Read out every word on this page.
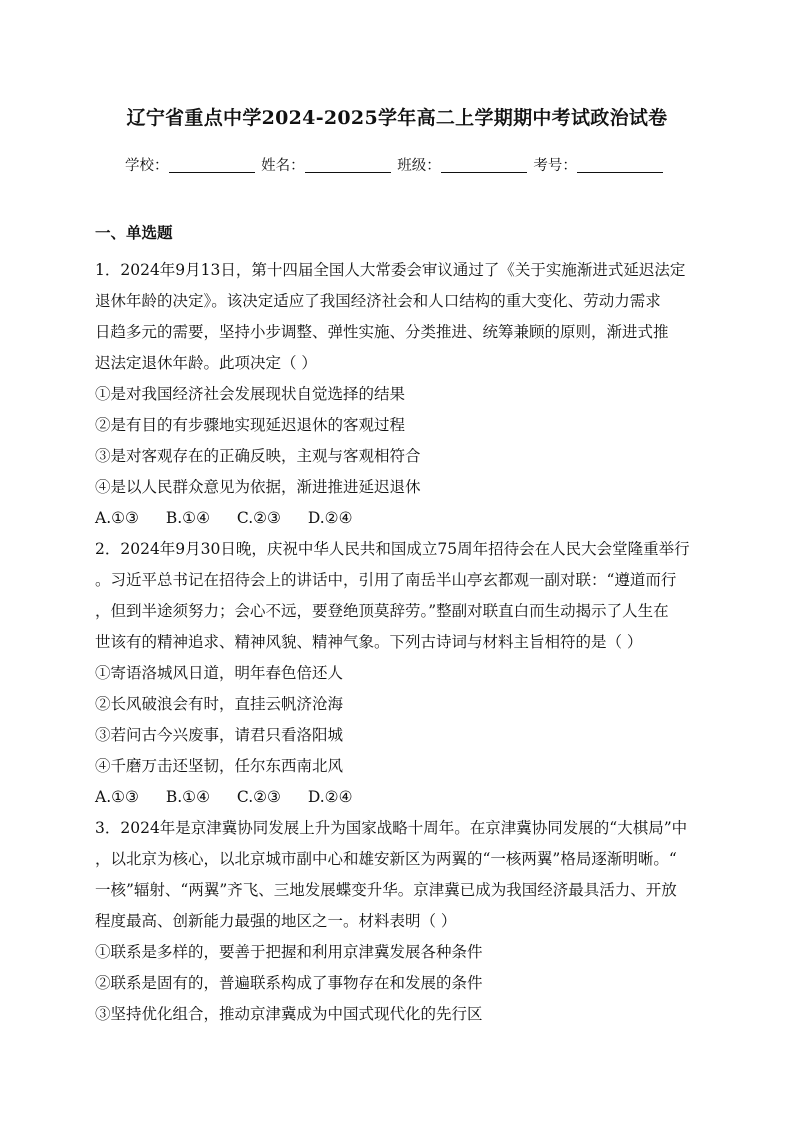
辽宁省重点中学2024-2025学年高二上学期期中考试政治试卷
学校：	姓名：	班级：	考号：
一、单选题
1．2024年9月13日，第十四届全国人大常委会审议通过了《关于实施渐进式延迟法定
退休年龄的决定》。该决定适应了我国经济社会和人口结构的重大变化、劳动力需求
日趋多元的需要，坚持小步调整、弹性实施、分类推进、统筹兼顾的原则，渐进式推
迟法定退休年龄。此项决定（ ）
①是对我国经济社会发展现状自觉选择的结果
②是有目的有步骤地实现延迟退休的客观过程
③是对客观存在的正确反映，主观与客观相符合
④是以人民群众意见为依据，渐进推进延迟退休
A.①③ B.①④ C.②③ D.②④
2．2024年9月30日晚，庆祝中华人民共和国成立75周年招待会在人民大会堂隆重举行
。习近平总书记在招待会上的讲话中，引用了南岳半山亭玄都观一副对联：“遵道而行
，但到半途须努力；会心不远，要登绝顶莫辞劳。”整副对联直白而生动揭示了人生在
世该有的精神追求、精神风貌、精神气象。下列古诗词与材料主旨相符的是（ ）
①寄语洛城风日道，明年春色倍还人
②长风破浪会有时，直挂云帆济沧海
③若问古今兴废事，请君只看洛阳城
④千磨万击还坚韧，任尔东西南北风
A.①③ B.①④ C.②③ D.②④
3．2024年是京津冀协同发展上升为国家战略十周年。在京津冀协同发展的“大棋局”中
，以北京为核心，以北京城市副中心和雄安新区为两翼的“一核两翼”格局逐渐明晰。“
一核”辐射、“两翼”齐飞、三地发展蝶变升华。京津冀已成为我国经济最具活力、开放
程度最高、创新能力最强的地区之一。材料表明（ ）
①联系是多样的，要善于把握和利用京津冀发展各种条件
②联系是固有的，普遍联系构成了事物存在和发展的条件
③坚持优化组合，推动京津冀成为中国式现代化的先行区
